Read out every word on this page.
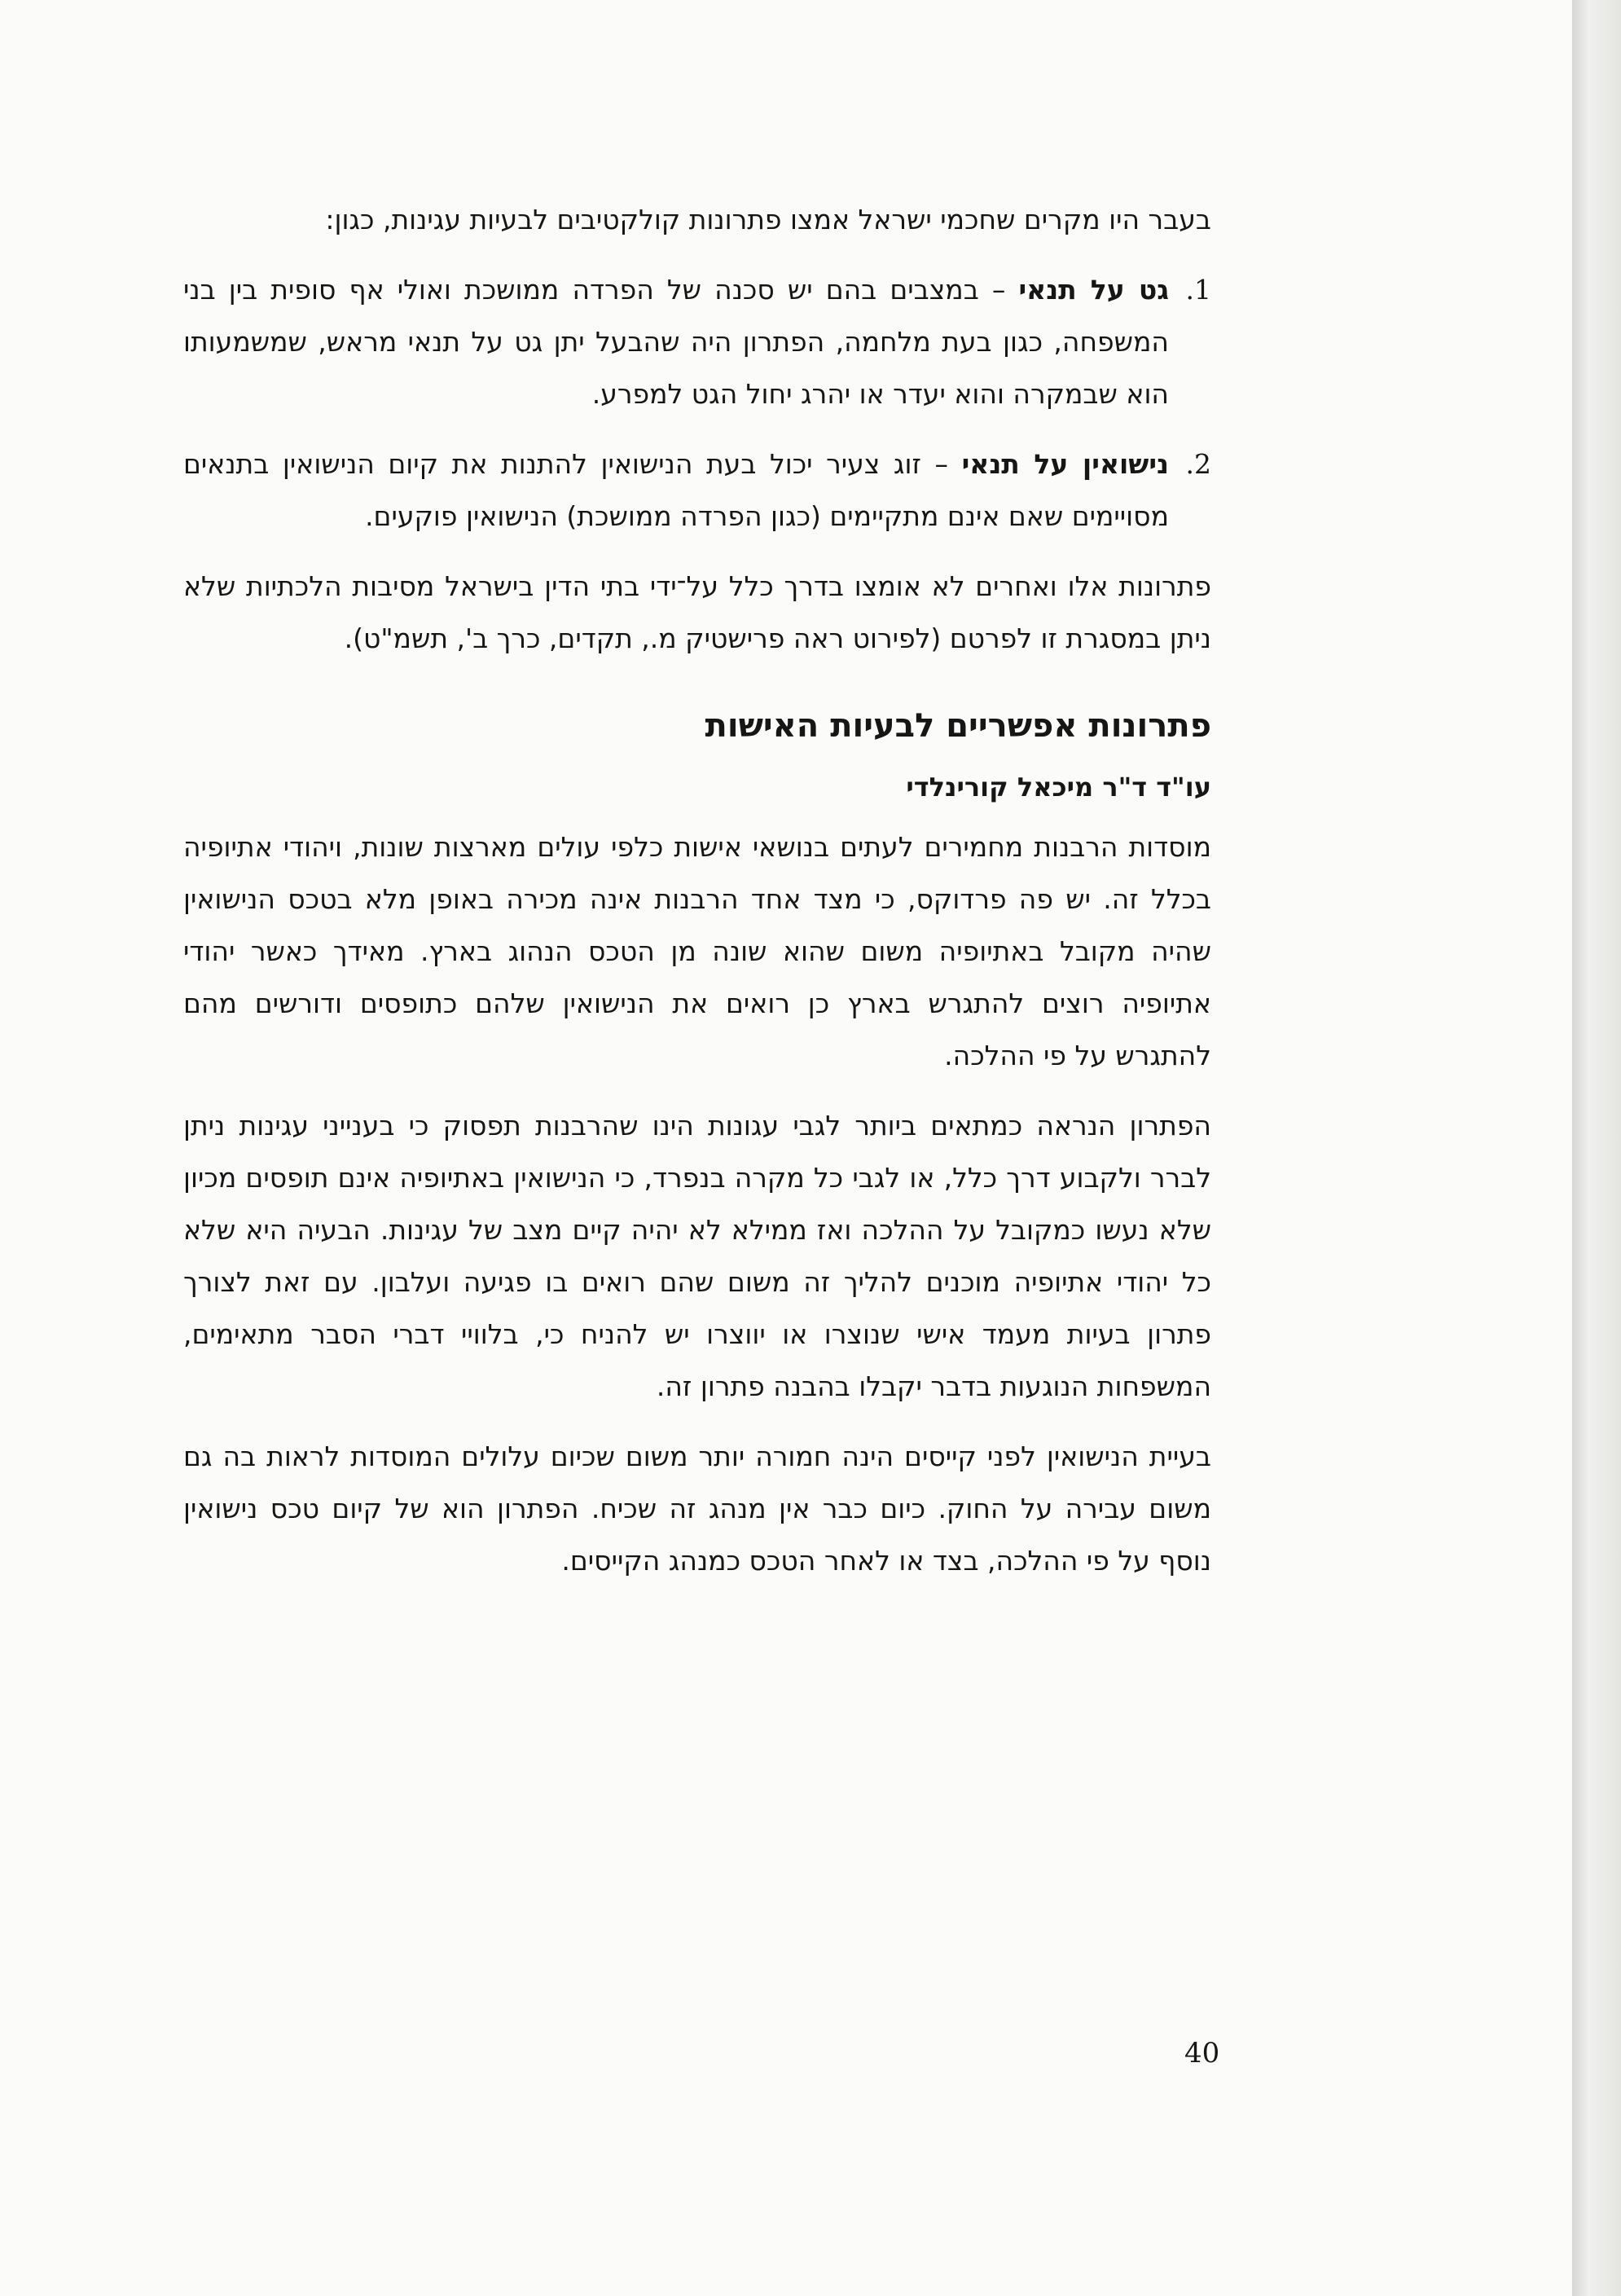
בעבר היו מקרים שחכמי ישראל אמצו פתרונות קולקטיבים לבעיות עגינות, כגון:

1.

גט על תנאי – במצבים בהם יש סכנה של הפרדה ממושכת ואולי אף סופית בין בני המשפחה, כגון בעת מלחמה, הפתרון היה שהבעל יתן גט על תנאי מראש, שמשמעותו הוא שבמקרה והוא יעדר או יהרג יחול הגט למפרע.

2.

נישואין על תנאי – זוג צעיר יכול בעת הנישואין להתנות את קיום הנישואין בתנאים מסויימים שאם אינם מתקיימים (כגון הפרדה ממושכת) הנישואין פוקעים.

פתרונות אלו ואחרים לא אומצו בדרך כלל על־ידי בתי הדין בישראל מסיבות הלכתיות שלא ניתן במסגרת זו לפרטם (לפירוט ראה פרישטיק מ., תקדים, כרך ב', תשמ"ט).

פתרונות אפשריים לבעיות האישות
עו"ד ד"ר מיכאל קורינלדי

מוסדות הרבנות מחמירים לעתים בנושאי אישות כלפי עולים מארצות שונות, ויהודי אתיופיה בכלל זה. יש פה פרדוקס, כי מצד אחד הרבנות אינה מכירה באופן מלא בטכס הנישואין שהיה מקובל באתיופיה משום שהוא שונה מן הטכס הנהוג בארץ. מאידך כאשר יהודי אתיופיה רוצים להתגרש בארץ כן רואים את הנישואין שלהם כתופסים ודורשים מהם להתגרש על פי ההלכה.

הפתרון הנראה כמתאים ביותר לגבי עגונות הינו שהרבנות תפסוק כי בענייני עגינות ניתן לברר ולקבוע דרך כלל, או לגבי כל מקרה בנפרד, כי הנישואין באתיופיה אינם תופסים מכיון שלא נעשו כמקובל על ההלכה ואז ממילא לא יהיה קיים מצב של עגינות. הבעיה היא שלא כל יהודי אתיופיה מוכנים להליך זה משום שהם רואים בו פגיעה ועלבון. עם זאת לצורך פתרון בעיות מעמד אישי שנוצרו או יווצרו יש להניח כי, בלוויי דברי הסבר מתאימים, המשפחות הנוגעות בדבר יקבלו בהבנה פתרון זה.

בעיית הנישואין לפני קייסים הינה חמורה יותר משום שכיום עלולים המוסדות לראות בה גם משום עבירה על החוק. כיום כבר אין מנהג זה שכיח. הפתרון הוא של קיום טכס נישואין נוסף על פי ההלכה, בצד או לאחר הטכס כמנהג הקייסים.

40
